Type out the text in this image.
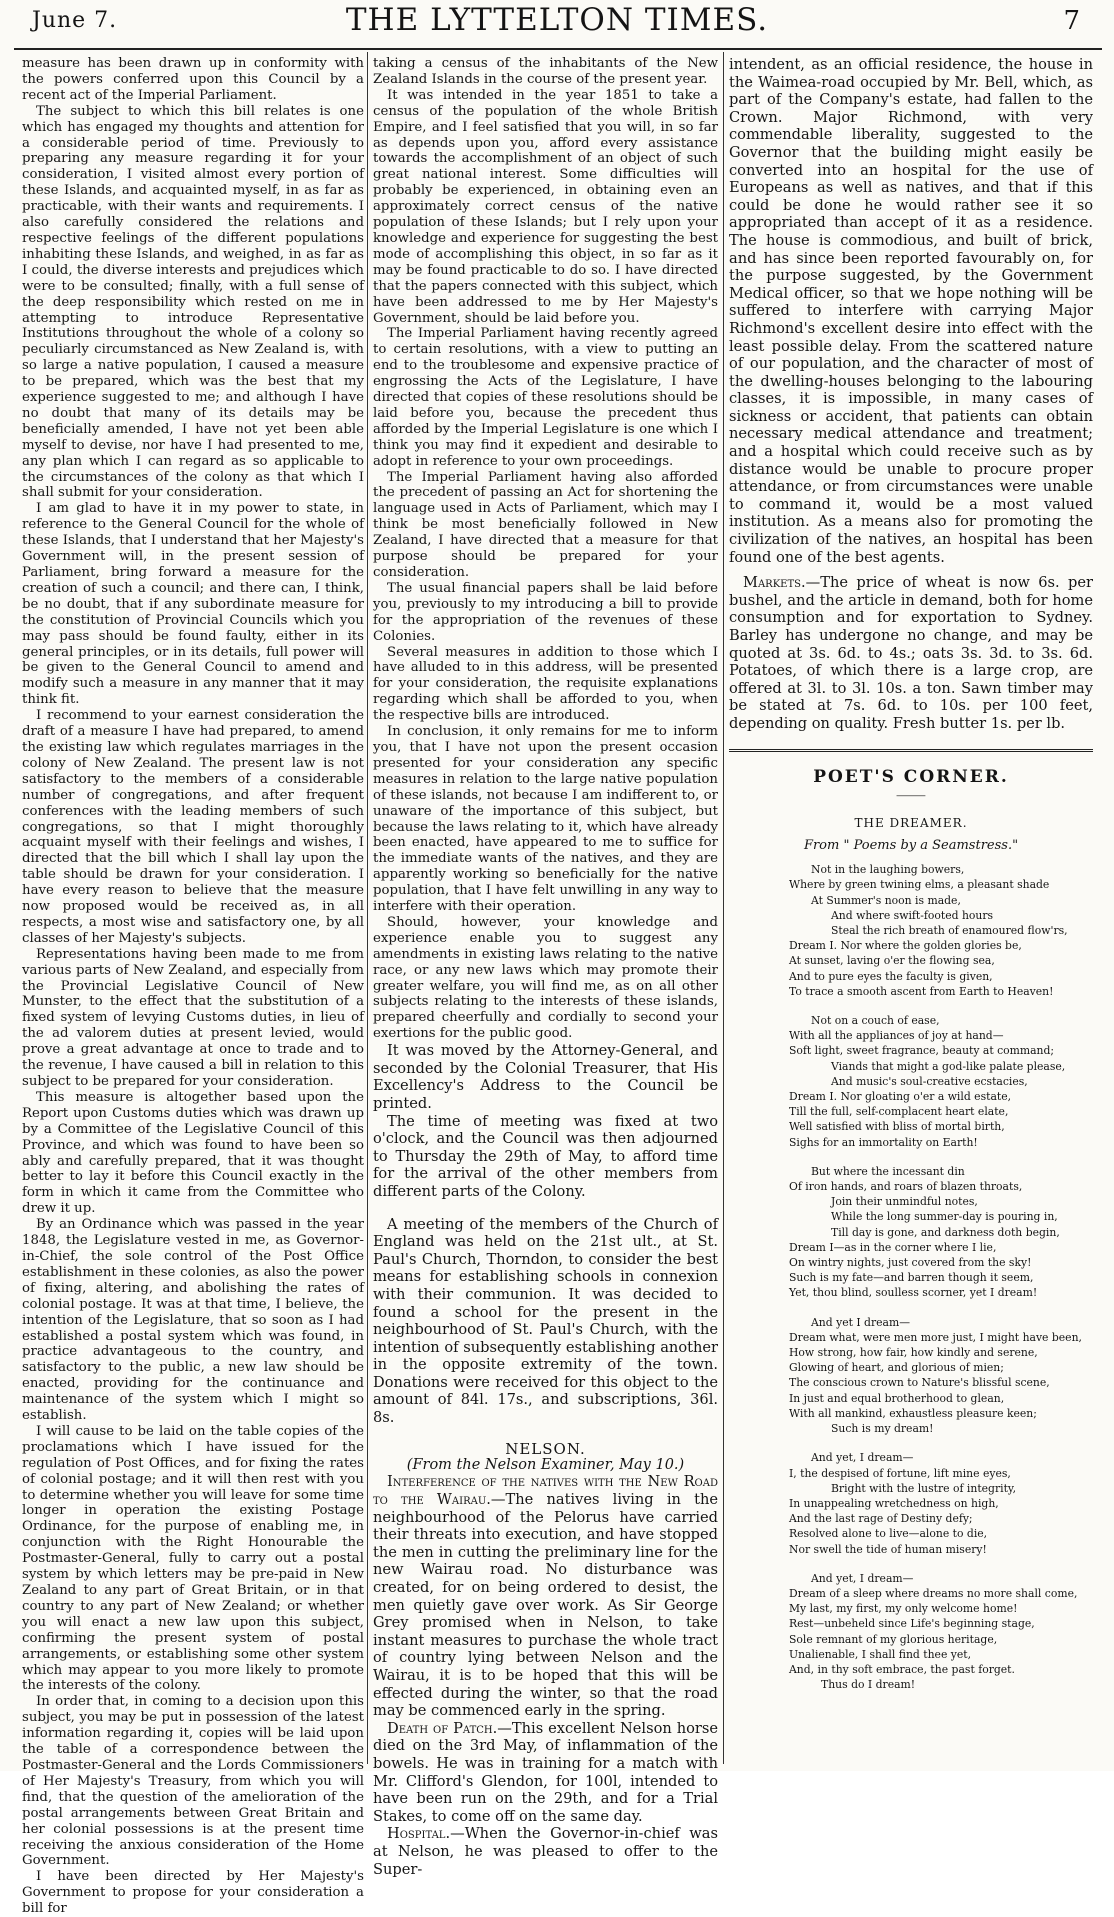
June 7.	THE LYTTELTON TIMES.	7

measure has been drawn up in conformity with the powers conferred upon this Council by a recent act of the Imperial Parliament.

The subject to which this bill relates is one which has engaged my thoughts and attention for a considerable period of time. Previously to preparing any measure regarding it for your consideration, I visited almost every portion of these Islands, and acquainted myself, in as far as practicable, with their wants and requirements. I also carefully considered the relations and respective feelings of the different populations inhabiting these Islands, and weighed, in as far as I could, the diverse interests and prejudices which were to be consulted; finally, with a full sense of the deep responsibility which rested on me in attempting to introduce Representative Institutions throughout the whole of a colony so peculiarly circumstanced as New Zealand is, with so large a native population, I caused a measure to be prepared, which was the best that my experience suggested to me; and although I have no doubt that many of its details may be beneficially amended, I have not yet been able myself to devise, nor have I had presented to me, any plan which I can regard as so applicable to the circumstances of the colony as that which I shall submit for your consideration.

I am glad to have it in my power to state, in reference to the General Council for the whole of these Islands, that I understand that her Majesty's Government will, in the present session of Parliament, bring forward a measure for the creation of such a council; and there can, I think, be no doubt, that if any subordinate measure for the constitution of Provincial Councils which you may pass should be found faulty, either in its general principles, or in its details, full power will be given to the General Council to amend and modify such a measure in any manner that it may think fit.

I recommend to your earnest consideration the draft of a measure I have had prepared, to amend the existing law which regulates marriages in the colony of New Zealand. The present law is not satisfactory to the members of a considerable number of congregations, and after frequent conferences with the leading members of such congregations, so that I might thoroughly acquaint myself with their feelings and wishes, I directed that the bill which I shall lay upon the table should be drawn for your consideration. I have every reason to believe that the measure now proposed would be received as, in all respects, a most wise and satisfactory one, by all classes of her Majesty's subjects.

Representations having been made to me from various parts of New Zealand, and especially from the Provincial Legislative Council of New Munster, to the effect that the substitution of a fixed system of levying Customs duties, in lieu of the ad valorem duties at present levied, would prove a great advantage at once to trade and to the revenue, I have caused a bill in relation to this subject to be prepared for your consideration.

This measure is altogether based upon the Report upon Customs duties which was drawn up by a Committee of the Legislative Council of this Province, and which was found to have been so ably and carefully prepared, that it was thought better to lay it before this Council exactly in the form in which it came from the Committee who drew it up.

By an Ordinance which was passed in the year 1848, the Legislature vested in me, as Governor-in-Chief, the sole control of the Post Office establishment in these colonies, as also the power of fixing, altering, and abolishing the rates of colonial postage. It was at that time, I believe, the intention of the Legislature, that so soon as I had established a postal system which was found, in practice advantageous to the country, and satisfactory to the public, a new law should be enacted, providing for the continuance and maintenance of the system which I might so establish.

I will cause to be laid on the table copies of the proclamations which I have issued for the regulation of Post Offices, and for fixing the rates of colonial postage; and it will then rest with you to determine whether you will leave for some time longer in operation the existing Postage Ordinance, for the purpose of enabling me, in conjunction with the Right Honourable the Postmaster-General, fully to carry out a postal system by which letters may be pre-paid in New Zealand to any part of Great Britain, or in that country to any part of New Zealand; or whether you will enact a new law upon this subject, confirming the present system of postal arrangements, or establishing some other system which may appear to you more likely to promote the interests of the colony.

In order that, in coming to a decision upon this subject, you may be put in possession of the latest information regarding it, copies will be laid upon the table of a correspondence between the Postmaster-General and the Lords Commissioners of Her Majesty's Treasury, from which you will find, that the question of the amelioration of the postal arrangements between Great Britain and her colonial possessions is at the present time receiving the anxious consideration of the Home Government.

I have been directed by Her Majesty's Government to propose for your consideration a bill for

taking a census of the inhabitants of the New Zealand Islands in the course of the present year.

It was intended in the year 1851 to take a census of the population of the whole British Empire, and I feel satisfied that you will, in so far as depends upon you, afford every assistance towards the accomplishment of an object of such great national interest. Some difficulties will probably be experienced, in obtaining even an approximately correct census of the native population of these Islands; but I rely upon your knowledge and experience for suggesting the best mode of accomplishing this object, in so far as it may be found practicable to do so. I have directed that the papers connected with this subject, which have been addressed to me by Her Majesty's Government, should be laid before you.

The Imperial Parliament having recently agreed to certain resolutions, with a view to putting an end to the troublesome and expensive practice of engrossing the Acts of the Legislature, I have directed that copies of these resolutions should be laid before you, because the precedent thus afforded by the Imperial Legislature is one which I think you may find it expedient and desirable to adopt in reference to your own proceedings.

The Imperial Parliament having also afforded the precedent of passing an Act for shortening the language used in Acts of Parliament, which may I think be most beneficially followed in New Zealand, I have directed that a measure for that purpose should be prepared for your consideration.

The usual financial papers shall be laid before you, previously to my introducing a bill to provide for the appropriation of the revenues of these Colonies.

Several measures in addition to those which I have alluded to in this address, will be presented for your consideration, the requisite explanations regarding which shall be afforded to you, when the respective bills are introduced.

In conclusion, it only remains for me to inform you, that I have not upon the present occasion presented for your consideration any specific measures in relation to the large native population of these islands, not because I am indifferent to, or unaware of the importance of this subject, but because the laws relating to it, which have already been enacted, have appeared to me to suffice for the immediate wants of the natives, and they are apparently working so beneficially for the native population, that I have felt unwilling in any way to interfere with their operation.

Should, however, your knowledge and experience enable you to suggest any amendments in existing laws relating to the native race, or any new laws which may promote their greater welfare, you will find me, as on all other subjects relating to the interests of these islands, prepared cheerfully and cordially to second your exertions for the public good.

It was moved by the Attorney-General, and seconded by the Colonial Treasurer, that His Excellency's Address to the Council be printed.

The time of meeting was fixed at two o'clock, and the Council was then adjourned to Thursday the 29th of May, to afford time for the arrival of the other members from different parts of the Colony.

A meeting of the members of the Church of England was held on the 21st ult., at St. Paul's Church, Thorndon, to consider the best means for establishing schools in connexion with their communion. It was decided to found a school for the present in the neighbourhood of St. Paul's Church, with the intention of subsequently establishing another in the opposite extremity of the town. Donations were received for this object to the amount of 84l. 17s., and subscriptions, 36l. 8s.

NELSON.

(From the Nelson Examiner, May 10.)

Interference of the natives with the New Road to the Wairau.—The natives living in the neighbourhood of the Pelorus have carried their threats into execution, and have stopped the men in cutting the preliminary line for the new Wairau road. No disturbance was created, for on being ordered to desist, the men quietly gave over work. As Sir George Grey promised when in Nelson, to take instant measures to purchase the whole tract of country lying between Nelson and the Wairau, it is to be hoped that this will be effected during the winter, so that the road may be commenced early in the spring.

Death of Patch.—This excellent Nelson horse died on the 3rd May, of inflammation of the bowels. He was in training for a match with Mr. Clifford's Glendon, for 100l, intended to have been run on the 29th, and for a Trial Stakes, to come off on the same day.

Hospital.—When the Governor-in-chief was at Nelson, he was pleased to offer to the Super-

intendent, as an official residence, the house in the Waimea-road occupied by Mr. Bell, which, as part of the Company's estate, had fallen to the Crown. Major Richmond, with very commendable liberality, suggested to the Governor that the building might easily be converted into an hospital for the use of Europeans as well as natives, and that if this could be done he would rather see it so appropriated than accept of it as a residence. The house is commodious, and built of brick, and has since been reported favourably on, for the purpose suggested, by the Government Medical officer, so that we hope nothing will be suffered to interfere with carrying Major Richmond's excellent desire into effect with the least possible delay. From the scattered nature of our population, and the character of most of the dwelling-houses belonging to the labouring classes, it is impossible, in many cases of sickness or accident, that patients can obtain necessary medical attendance and treatment; and a hospital which could receive such as by distance would be unable to procure proper attendance, or from circumstances were unable to command it, would be a most valued institution. As a means also for promoting the civilization of the natives, an hospital has been found one of the best agents.

Markets.—The price of wheat is now 6s. per bushel, and the article in demand, both for home consumption and for exportation to Sydney. Barley has undergone no change, and may be quoted at 3s. 6d. to 4s.; oats 3s. 3d. to 3s. 6d. Potatoes, of which there is a large crop, are offered at 3l. to 3l. 10s. a ton. Sawn timber may be stated at 7s. 6d. to 10s. per 100 feet, depending on quality. Fresh butter 1s. per lb.

POET'S CORNER.
⸻
THE DREAMER.
From " Poems by a Seamstress."
Not in the laughing bowers,
Where by green twining elms, a pleasant shade
At Summer's noon is made,
And where swift-footed hours
Steal the rich breath of enamoured flow'rs,
Dream I. Nor where the golden glories be,
At sunset, laving o'er the flowing sea,
And to pure eyes the faculty is given,
To trace a smooth ascent from Earth to Heaven!
Not on a couch of ease,
With all the appliances of joy at hand—
Soft light, sweet fragrance, beauty at command;
Viands that might a god-like palate please,
And music's soul-creative ecstacies,
Dream I. Nor gloating o'er a wild estate,
Till the full, self-complacent heart elate,
Well satisfied with bliss of mortal birth,
Sighs for an immortality on Earth!
But where the incessant din
Of iron hands, and roars of blazen throats,
Join their unmindful notes,
While the long summer-day is pouring in,
Till day is gone, and darkness doth begin,
Dream I—as in the corner where I lie,
On wintry nights, just covered from the sky!
Such is my fate—and barren though it seem,
Yet, thou blind, soulless scorner, yet I dream!
And yet I dream—
Dream what, were men more just, I might have been,
How strong, how fair, how kindly and serene,
Glowing of heart, and glorious of mien;
The conscious crown to Nature's blissful scene,
In just and equal brotherhood to glean,
With all mankind, exhaustless pleasure keen;
Such is my dream!
And yet, I dream—
I, the despised of fortune, lift mine eyes,
Bright with the lustre of integrity,
In unappealing wretchedness on high,
And the last rage of Destiny defy;
Resolved alone to live—alone to die,
Nor swell the tide of human misery!
And yet, I dream—
Dream of a sleep where dreams no more shall come,
My last, my first, my only welcome home!
Rest—unbeheld since Life's beginning stage,
Sole remnant of my glorious heritage,
Unalienable, I shall find thee yet,
And, in thy soft embrace, the past forget.
Thus do I dream!
